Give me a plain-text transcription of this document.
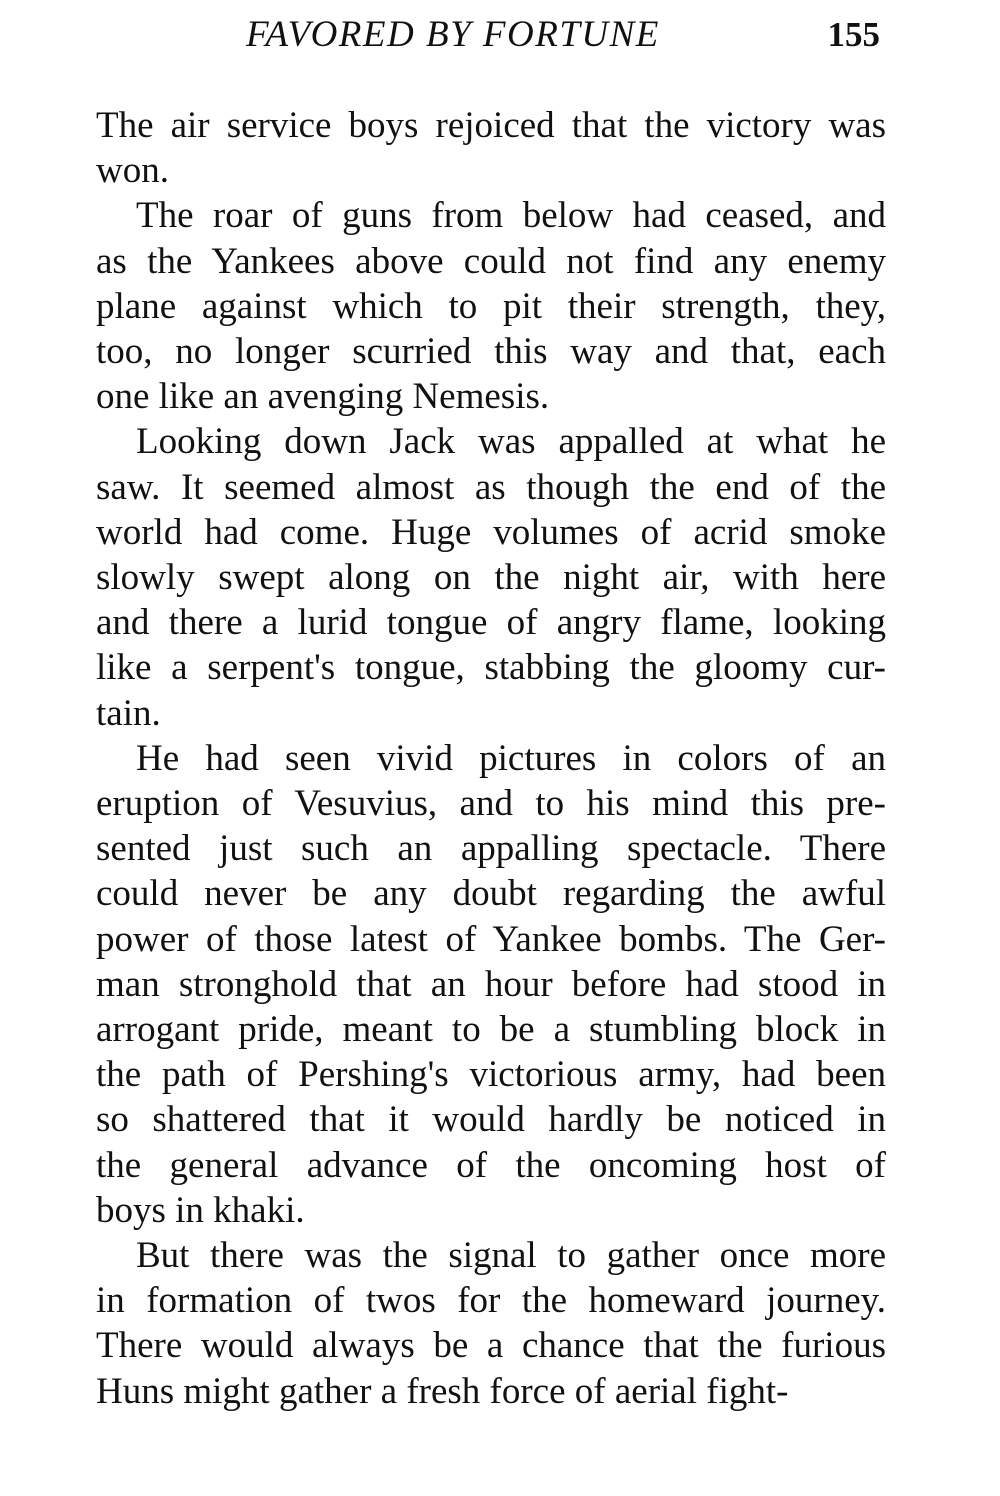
FAVORED BY FORTUNE	155

The air service boys rejoiced that the victory was
won.

The roar of guns from below had ceased, and
as the Yankees above could not find any enemy
plane against which to pit their strength, they,
too, no longer scurried this way and that, each
one like an avenging Nemesis.

Looking down Jack was appalled at what he
saw. It seemed almost as though the end of the
world had come. Huge volumes of acrid smoke
slowly swept along on the night air, with here
and there a lurid tongue of angry flame, looking
like a serpent's tongue, stabbing the gloomy cur-
tain.

He had seen vivid pictures in colors of an
eruption of Vesuvius, and to his mind this pre-
sented just such an appalling spectacle. There
could never be any doubt regarding the awful
power of those latest of Yankee bombs. The Ger-
man stronghold that an hour before had stood in
arrogant pride, meant to be a stumbling block in
the path of Pershing's victorious army, had been
so shattered that it would hardly be noticed in
the general advance of the oncoming host of
boys in khaki.

But there was the signal to gather once more
in formation of twos for the homeward journey.
There would always be a chance that the furious
Huns might gather a fresh force of aerial fight-
